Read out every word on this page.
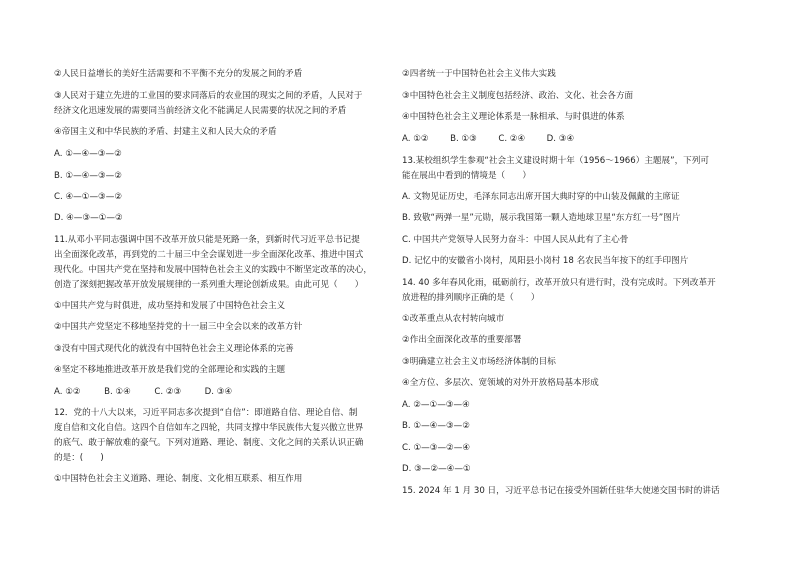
②人民日益增长的美好生活需要和不平衡不充分的发展之间的矛盾
③人民对于建立先进的工业国的要求同落后的农业国的现实之间的矛盾，人民对于
经济文化迅速发展的需要同当前经济文化不能满足人民需要的状况之间的矛盾
④帝国主义和中华民族的矛盾、封建主义和人民大众的矛盾
A. ①—④—③—②
B. ①—④—③—②
C. ④—①—③—②
D. ④—③—①—②
11.从邓小平同志强调中国不改革开放只能是死路一条，到新时代习近平总书记提
出全面深化改革，再到党的二十届三中全会谋划进一步全面深化改革、推进中国式
现代化。中国共产党在坚持和发展中国特色社会主义的实践中不断坚定改革的决心，
创造了深刻把握改革开放发展规律的一系列重大理论创新成果。由此可见（　　）
①中国共产党与时俱进，成功坚持和发展了中国特色社会主义
②中国共产党坚定不移地坚持党的十一届三中全会以来的改革方针
③没有中国式现代化的就没有中国特色社会主义理论体系的完善
④坚定不移地推进改革开放是我们党的全部理论和实践的主题
A. ①②	B. ①④	C. ②③	D. ③④
12．党的十八大以来，习近平同志多次提到“自信”：即道路自信、理论自信、制
度自信和文化自信。这四个自信如车之四轮，共同支撑中华民族伟大复兴傲立世界
的底气、敢于解放难的豪气。下列对道路、理论、制度、文化之间的关系认识正确
的是：(　　)
①中国特色社会主义道路、理论、制度、文化相互联系、相互作用
②四者统一于中国特色社会主义伟大实践
③中国特色社会主义制度包括经济、政治、文化、社会各方面
④中国特色社会主义理论体系是一脉相承、与时俱进的体系
A. ①② B. ①③ C. ②④ D. ③④
13.某校组织学生参观“社会主义建设时期十年（1956～1966）主题展”，下列可
能在展出中看到的情境是（　　）
A. 文物见证历史，毛泽东同志出席开国大典时穿的中山装及佩戴的主席证
B. 致敬“两弹一星”元勋，展示我国第一颗人造地球卫星“东方红一号”图片
C. 中国共产党领导人民努力奋斗：中国人民从此有了主心骨
D. 记忆中的安徽省小岗村，凤阳县小岗村 18 名农民当年按下的红手印图片
14. 40 多年春风化雨，砥砺前行，改革开放只有进行时，没有完成时。下列改革开
放进程的排列顺序正确的是（　　）
①改革重点从农村转向城市
②作出全面深化改革的重要部署
③明确建立社会主义市场经济体制的目标
④全方位、多层次、宽领域的对外开放格局基本形成
A. ②—①—③—④
B. ①—④—③—②
C. ①—③—②—④
D. ③—②—④—①
15. 2024 年 1 月 30 日，习近平总书记在接受外国新任驻华大使递交国书时的讲话
